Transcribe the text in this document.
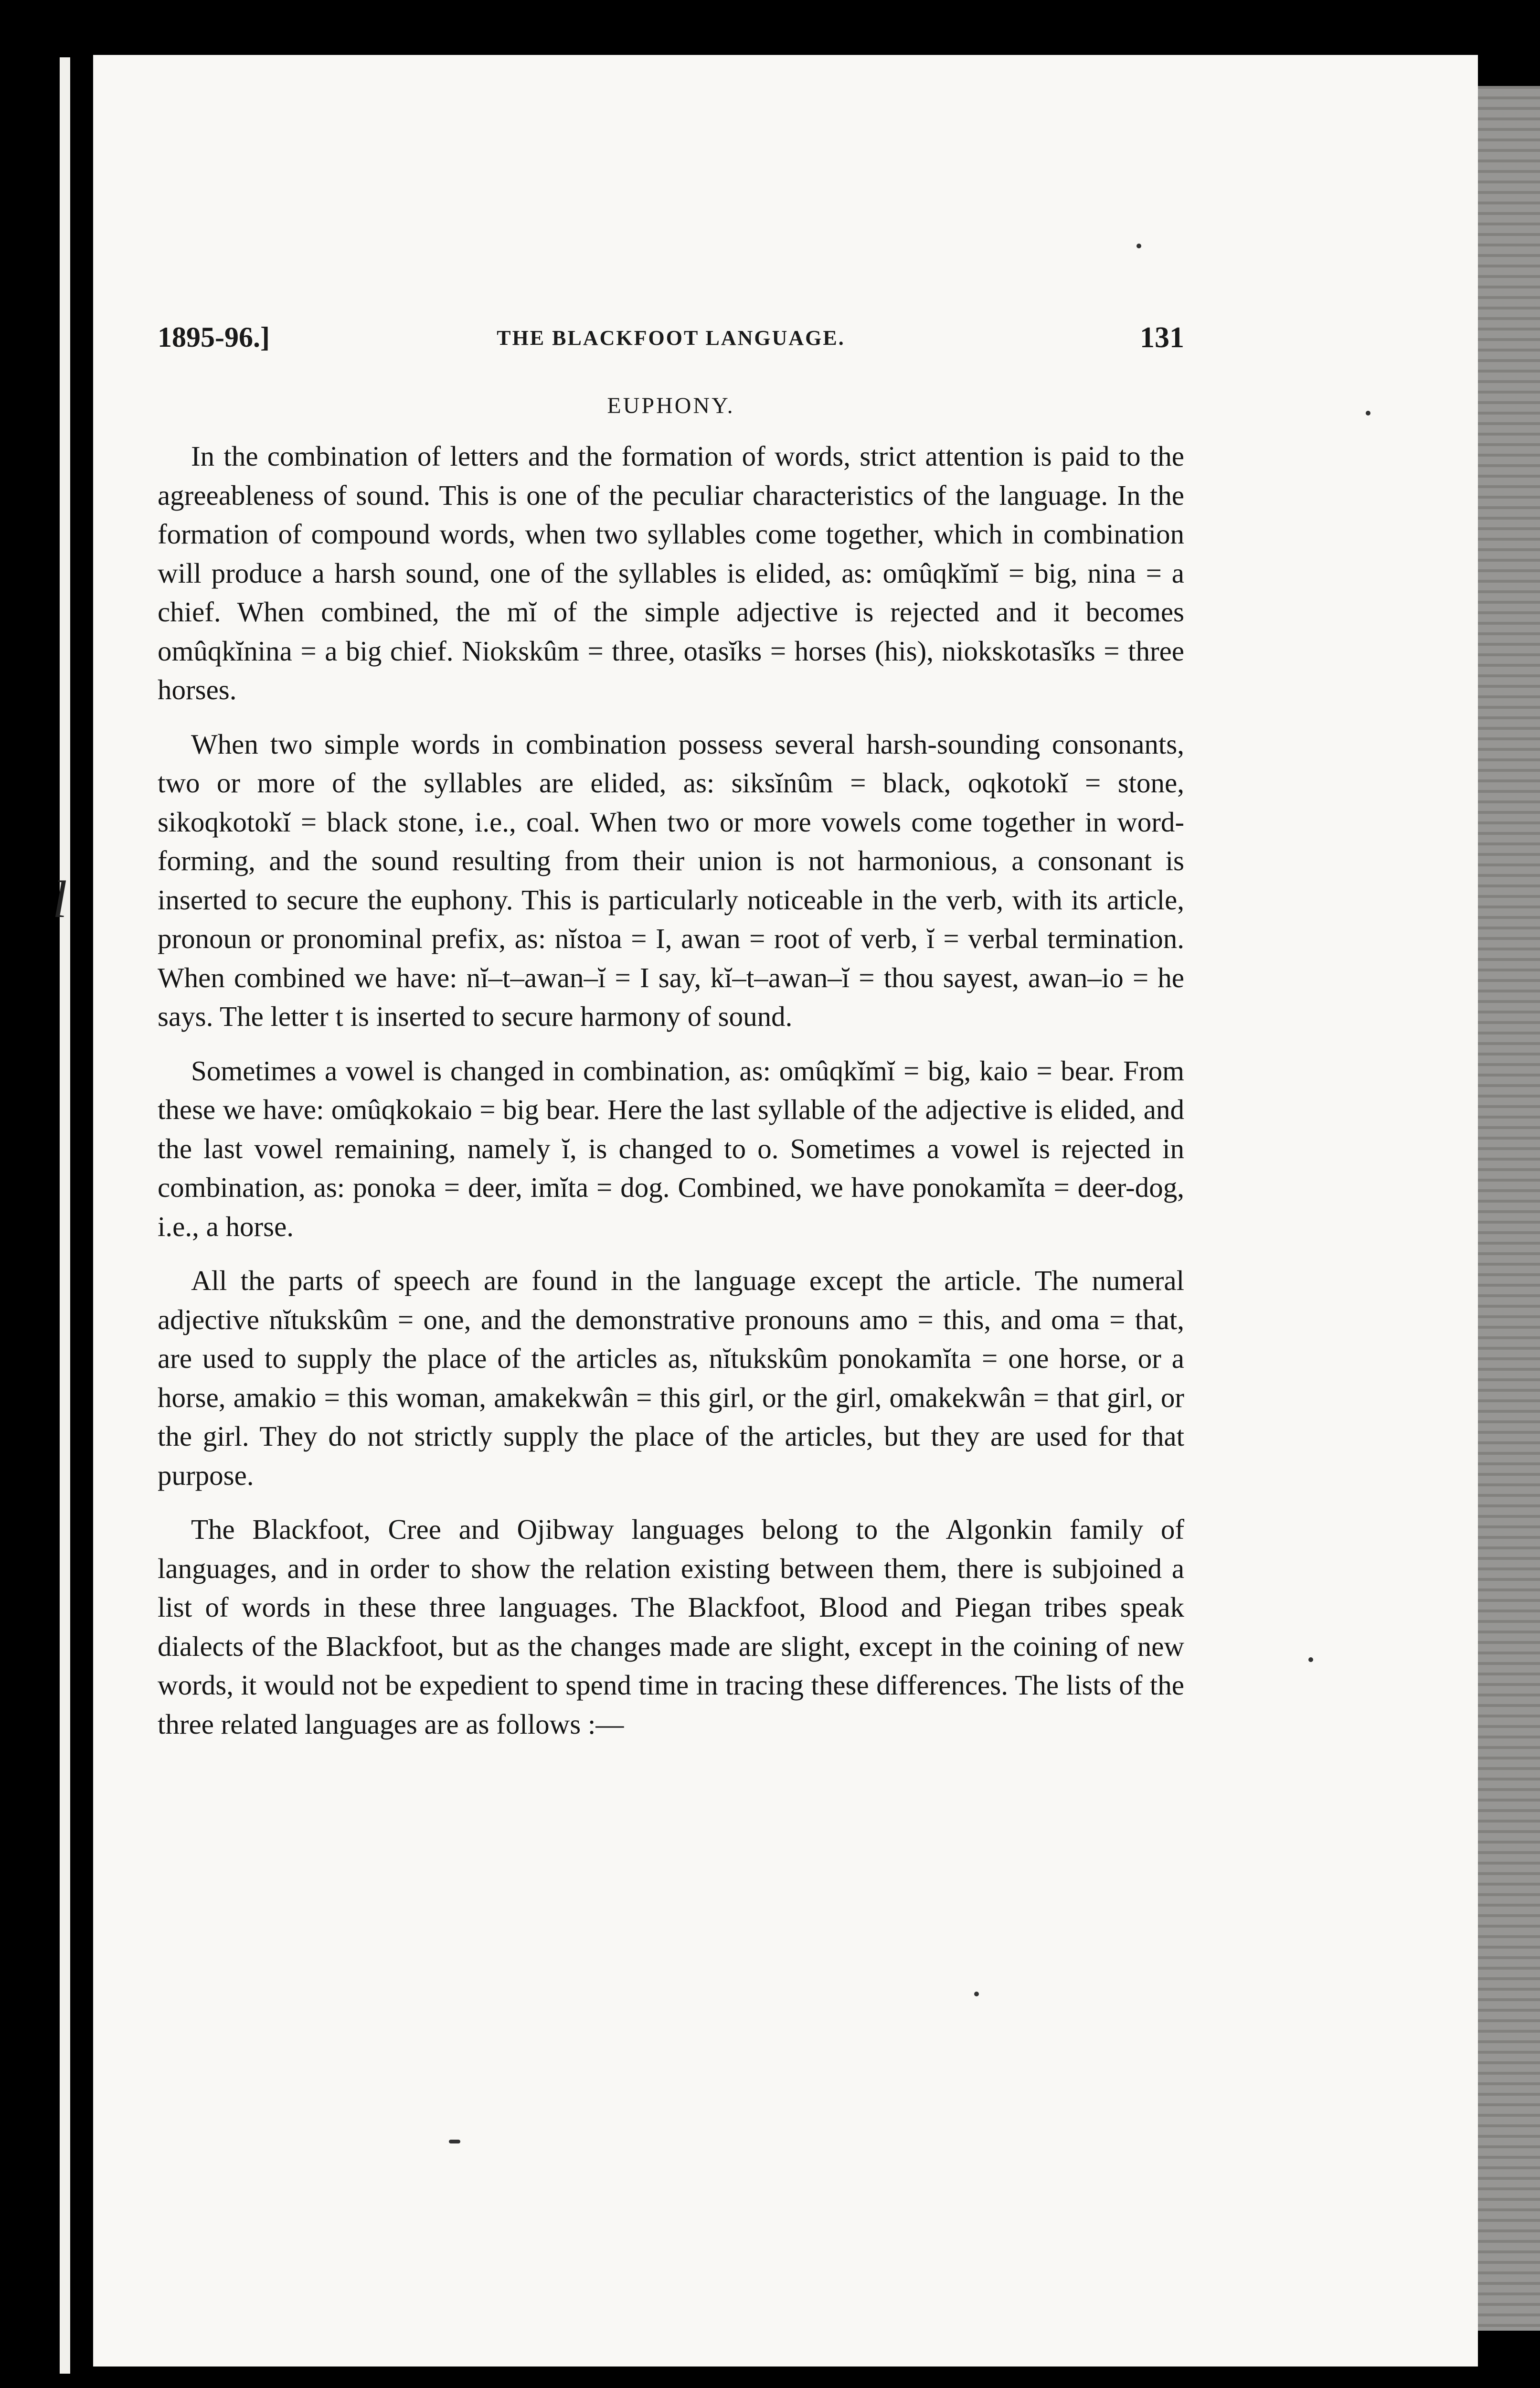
1895-96.]	THE BLACKFOOT LANGUAGE.	131
EUPHONY.
l

In the combination of letters and the formation of words, strict attention is paid to the agreeableness of sound. This is one of the peculiar characteristics of the language. In the formation of compound words, when two syllables come together, which in combination will produce a harsh sound, one of the syllables is elided, as: omûqkĭmĭ = big, nina = a chief. When combined, the mĭ of the simple adjective is rejected and it becomes omûqkĭnina = a big chief. Niokskûm = three, otasĭks = horses (his), niokskotasĭks = three horses.

When two simple words in combination possess several harsh-sounding consonants, two or more of the syllables are elided, as: siksĭnûm = black, oqkotokĭ = stone, sikoqkotokĭ = black stone, i.e., coal. When two or more vowels come together in word-forming, and the sound resulting from their union is not harmonious, a consonant is inserted to secure the euphony. This is particularly noticeable in the verb, with its article, pronoun or pronominal prefix, as: nĭstoa = I, awan = root of verb, ĭ = verbal termination. When combined we have: nĭ–t–awan–ĭ = I say, kĭ–t–awan–ĭ = thou sayest, awan–io = he says. The letter t is inserted to secure harmony of sound.

Sometimes a vowel is changed in combination, as: omûqkĭmĭ = big, kaio = bear. From these we have: omûqkokaio = big bear. Here the last syllable of the adjective is elided, and the last vowel remaining, namely ĭ, is changed to o. Sometimes a vowel is rejected in combination, as: ponoka = deer, imĭta = dog. Combined, we have ponokamĭta = deer-dog, i.e., a horse.

All the parts of speech are found in the language except the article. The numeral adjective nĭtukskûm = one, and the demonstrative pronouns amo = this, and oma = that, are used to supply the place of the articles as, nĭtukskûm ponokamĭta = one horse, or a horse, amakio = this woman, amakekwân = this girl, or the girl, omakekwân = that girl, or the girl. They do not strictly supply the place of the articles, but they are used for that purpose.

The Blackfoot, Cree and Ojibway languages belong to the Algonkin family of languages, and in order to show the relation existing between them, there is subjoined a list of words in these three languages. The Blackfoot, Blood and Piegan tribes speak dialects of the Blackfoot, but as the changes made are slight, except in the coining of new words, it would not be expedient to spend time in tracing these differences. The lists of the three related languages are as follows :—
